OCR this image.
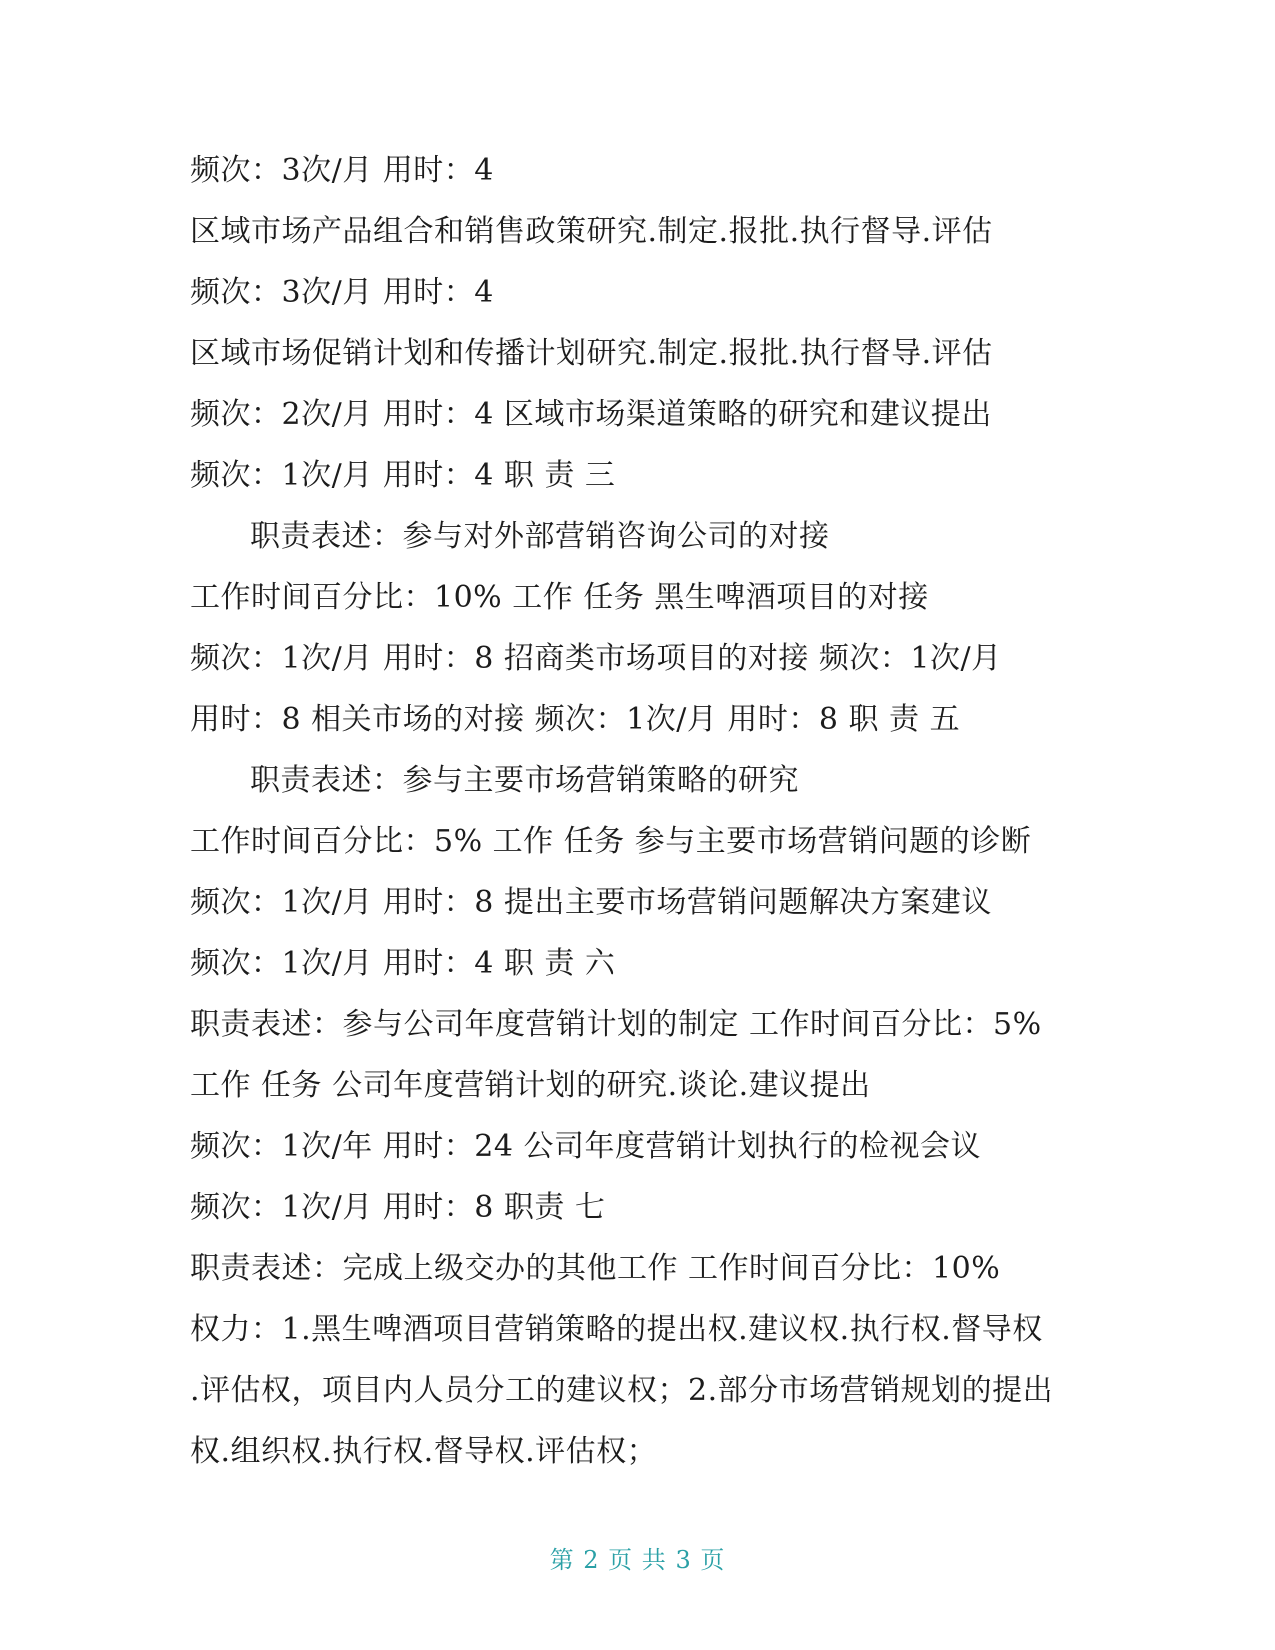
频次：3次/月 用时：4
区域市场产品组合和销售政策研究.制定.报批.执行督导.评估
频次：3次/月 用时：4
区域市场促销计划和传播计划研究.制定.报批.执行督导.评估
频次：2次/月 用时：4 区域市场渠道策略的研究和建议提出
频次：1次/月 用时：4 职 责 三
职责表述：参与对外部营销咨询公司的对接
工作时间百分比：10% 工作 任务 黑生啤酒项目的对接
频次：1次/月 用时：8 招商类市场项目的对接 频次：1次/月
用时：8 相关市场的对接 频次：1次/月 用时：8 职 责 五
职责表述：参与主要市场营销策略的研究
工作时间百分比：5% 工作 任务 参与主要市场营销问题的诊断
频次：1次/月 用时：8 提出主要市场营销问题解决方案建议
频次：1次/月 用时：4 职 责 六
职责表述：参与公司年度营销计划的制定 工作时间百分比：5%
工作 任务 公司年度营销计划的研究.谈论.建议提出
频次：1次/年 用时：24 公司年度营销计划执行的检视会议
频次：1次/月 用时：8 职责 七
职责表述：完成上级交办的其他工作 工作时间百分比：10%
权力：1.黑生啤酒项目营销策略的提出权.建议权.执行权.督导权
.评估权，项目内人员分工的建议权；2.部分市场营销规划的提出
权.组织权.执行权.督导权.评估权；
第 2 页 共 3 页
